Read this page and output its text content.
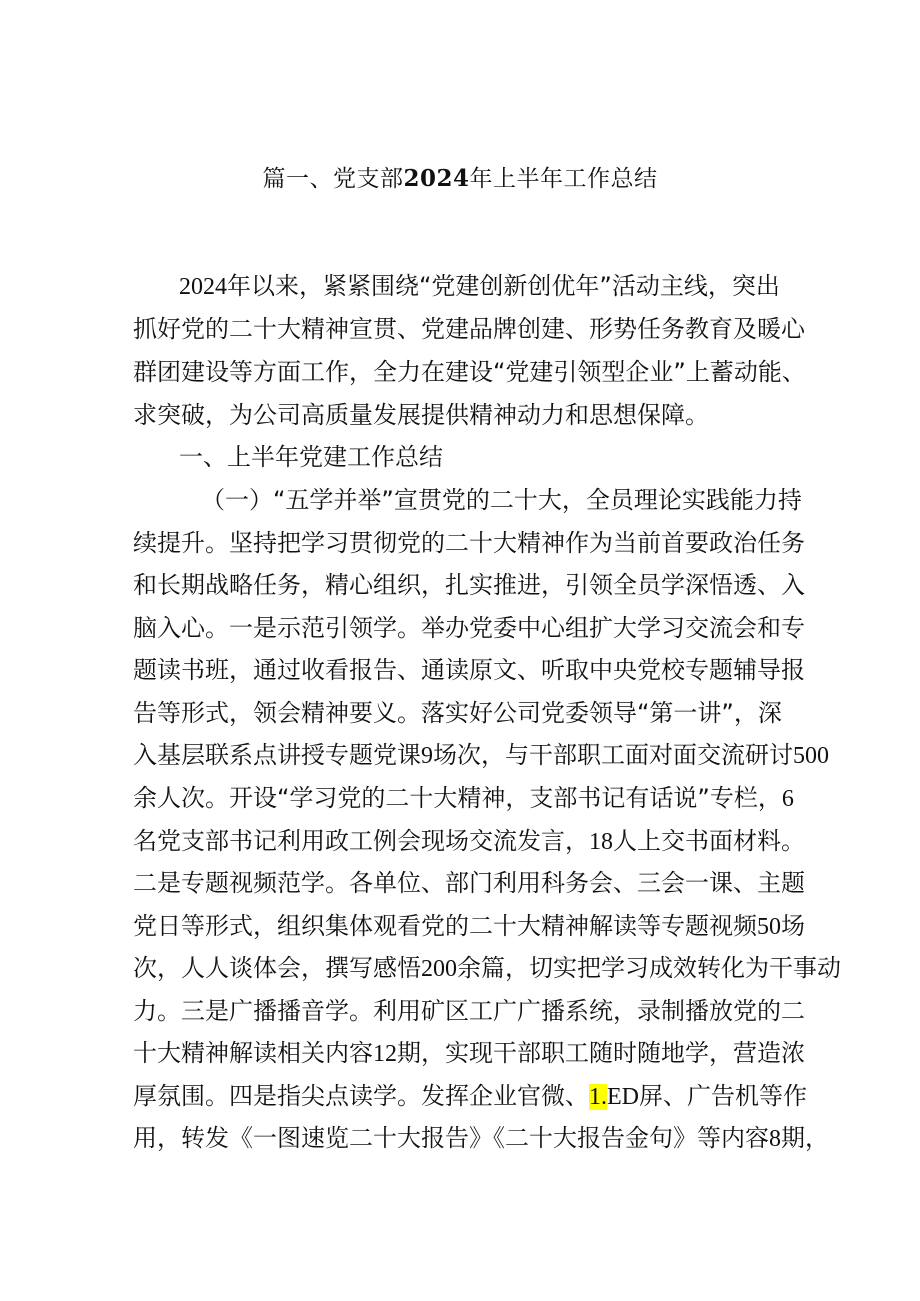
篇一、党支部2024年上半年工作总结
2024年以来，紧紧围绕“党建创新创优年”活动主线，突出
抓好党的二十大精神宣贯、党建品牌创建、形势任务教育及暖心
群团建设等方面工作，全力在建设“党建引领型企业”上蓄动能、
求突破，为公司高质量发展提供精神动力和思想保障。
一、上半年党建工作总结
（一）“五学并举”宣贯党的二十大，全员理论实践能力持
续提升。坚持把学习贯彻党的二十大精神作为当前首要政治任务
和长期战略任务，精心组织，扎实推进，引领全员学深悟透、入
脑入心。一是示范引领学。举办党委中心组扩大学习交流会和专
题读书班，通过收看报告、通读原文、听取中央党校专题辅导报
告等形式，领会精神要义。落实好公司党委领导“第一讲”，深
入基层联系点讲授专题党课9场次，与干部职工面对面交流研讨500
余人次。开设“学习党的二十大精神，支部书记有话说”专栏，6
名党支部书记利用政工例会现场交流发言，18人上交书面材料。
二是专题视频范学。各单位、部门利用科务会、三会一课、主题
党日等形式，组织集体观看党的二十大精神解读等专题视频50场
次，人人谈体会，撰写感悟200余篇，切实把学习成效转化为干事动
力。三是广播播音学。利用矿区工广广播系统，录制播放党的二
十大精神解读相关内容12期，实现干部职工随时随地学，营造浓
厚氛围。四是指尖点读学。发挥企业官微、1.ED屏、广告机等作
用，转发《一图速览二十大报告》《二十大报告金句》等内容8期，
